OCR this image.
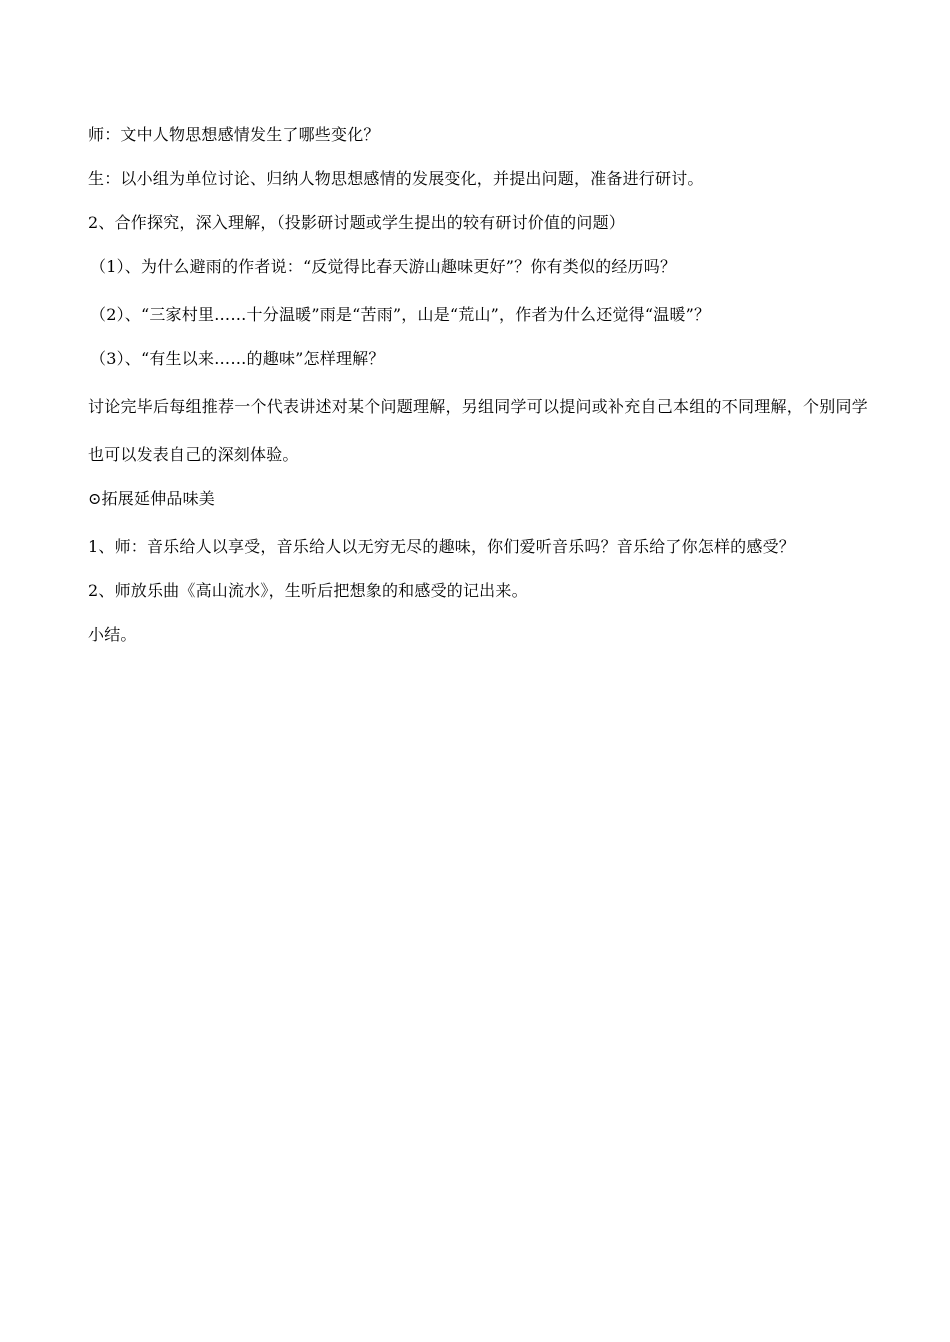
师：文中人物思想感情发生了哪些变化？
生：以小组为单位讨论、归纳人物思想感情的发展变化，并提出问题，准备进行研讨。
2、合作探究，深入理解，（投影研讨题或学生提出的较有研讨价值的问题）
（1）、为什么避雨的作者说：“反觉得比春天游山趣味更好”？你有类似的经历吗？
（2）、“三家村里……十分温暖”雨是“苦雨”，山是“荒山”，作者为什么还觉得“温暖”？
（3）、“有生以来……的趣味”怎样理解？
讨论完毕后每组推荐一个代表讲述对某个问题理解，另组同学可以提问或补充自己本组的不同理解，个别同学也可以发表自己的深刻体验。
⊙拓展延伸品味美
1、师：音乐给人以享受，音乐给人以无穷无尽的趣味，你们爱听音乐吗？音乐给了你怎样的感受？
2、师放乐曲《高山流水》，生听后把想象的和感受的记出来。
小结。
